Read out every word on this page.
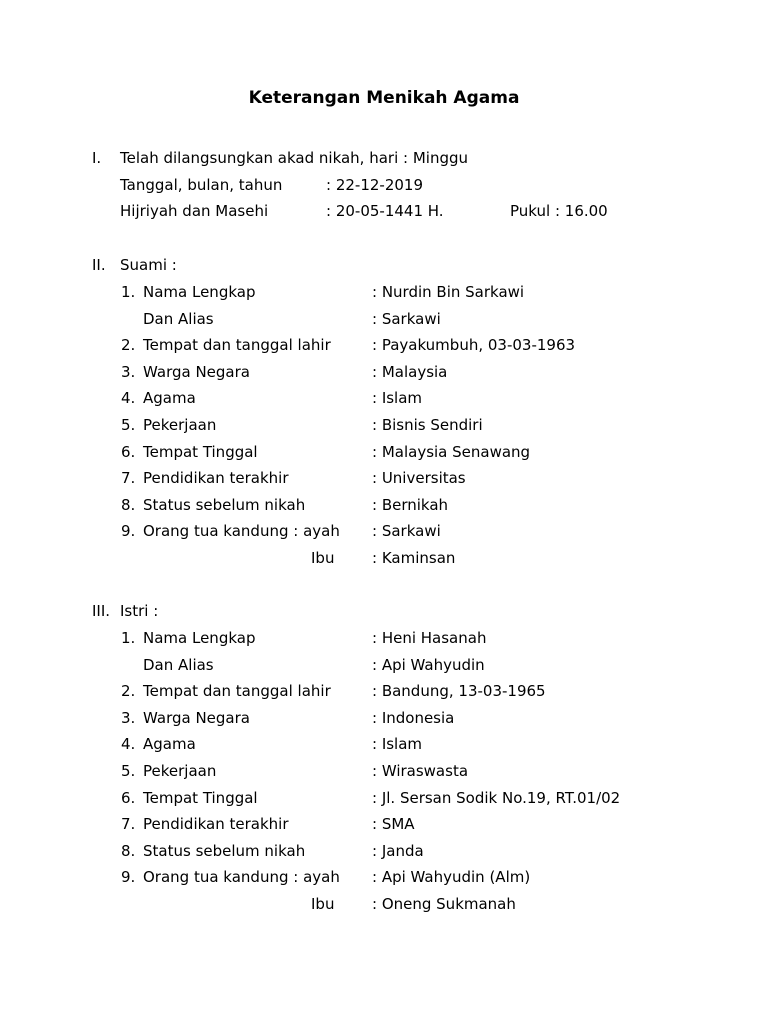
Keterangan Menikah Agama
I. Telah dilangsungkan akad nikah, hari : Minggu
Tanggal, bulan, tahun	: 22-12-2019
Hijriyah dan Masehi	: 20-05-1441 H.	Pukul : 16.00
II. Suami :
1. Nama Lengkap	: Nurdin Bin Sarkawi
Dan Alias	: Sarkawi
2. Tempat dan tanggal lahir	: Payakumbuh, 03-03-1963
3. Warga Negara	: Malaysia
4. Agama	: Islam
5. Pekerjaan	: Bisnis Sendiri
6. Tempat Tinggal	: Malaysia Senawang
7. Pendidikan terakhir	: Universitas
8. Status sebelum nikah	: Bernikah
9. Orang tua kandung : ayah : Sarkawi
Ibu	: Kaminsan
III. Istri :
1. Nama Lengkap	: Heni Hasanah
Dan Alias	: Api Wahyudin
2. Tempat dan tanggal lahir	: Bandung, 13-03-1965
3. Warga Negara	: Indonesia
4. Agama	: Islam
5. Pekerjaan	: Wiraswasta
6. Tempat Tinggal	: Jl. Sersan Sodik No.19, RT.01/02
7. Pendidikan terakhir	: SMA
8. Status sebelum nikah	: Janda
9. Orang tua kandung : ayah : Api Wahyudin (Alm)
Ibu	: Oneng Sukmanah
